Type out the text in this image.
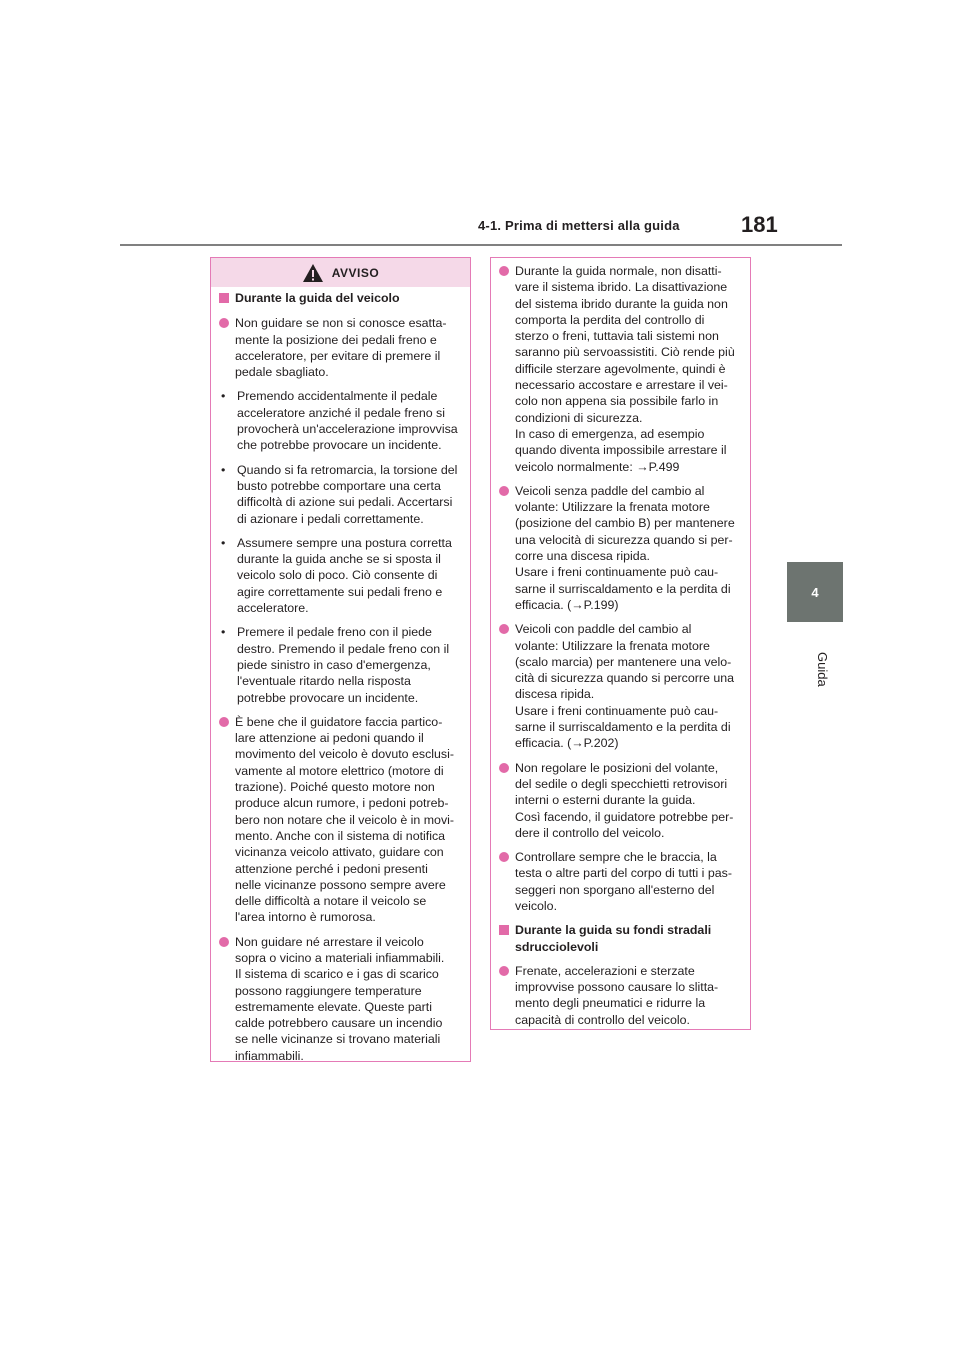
4-1. Prima di mettersi alla guida	181
4
Guida
AVVISO
Durante la guida del veicolo
Non guidare se non si conosce esatta-
mente la posizione dei pedali freno e
acceleratore, per evitare di premere il
pedale sbagliato.
• Premendo accidentalmente il pedale
acceleratore anziché il pedale freno si
provocherà un'accelerazione improvvisa
che potrebbe provocare un incidente.
• Quando si fa retromarcia, la torsione del
busto potrebbe comportare una certa
difficoltà di azione sui pedali. Accertarsi
di azionare i pedali correttamente.
• Assumere sempre una postura corretta
durante la guida anche se si sposta il
veicolo solo di poco. Ciò consente di
agire correttamente sui pedali freno e
acceleratore.
• Premere il pedale freno con il piede
destro. Premendo il pedale freno con il
piede sinistro in caso d'emergenza,
l'eventuale ritardo nella risposta
potrebbe provocare un incidente.
È bene che il guidatore faccia partico-
lare attenzione ai pedoni quando il
movimento del veicolo è dovuto esclusi-
vamente al motore elettrico (motore di
trazione). Poiché questo motore non
produce alcun rumore, i pedoni potreb-
bero non notare che il veicolo è in movi-
mento. Anche con il sistema di notifica
vicinanza veicolo attivato, guidare con
attenzione perché i pedoni presenti
nelle vicinanze possono sempre avere
delle difficoltà a notare il veicolo se
l'area intorno è rumorosa.
Non guidare né arrestare il veicolo
sopra o vicino a materiali infiammabili.
Il sistema di scarico e i gas di scarico
possono raggiungere temperature
estremamente elevate. Queste parti
calde potrebbero causare un incendio
se nelle vicinanze si trovano materiali
infiammabili.
Durante la guida normale, non disatti-
vare il sistema ibrido. La disattivazione
del sistema ibrido durante la guida non
comporta la perdita del controllo di
sterzo o freni, tuttavia tali sistemi non
saranno più servoassistiti. Ciò rende più
difficile sterzare agevolmente, quindi è
necessario accostare e arrestare il vei-
colo non appena sia possibile farlo in
condizioni di sicurezza.
In caso di emergenza, ad esempio
quando diventa impossibile arrestare il
veicolo normalmente: →P.499
Veicoli senza paddle del cambio al
volante: Utilizzare la frenata motore
(posizione del cambio B) per mantenere
una velocità di sicurezza quando si per-
corre una discesa ripida.
Usare i freni continuamente può cau-
sarne il surriscaldamento e la perdita di
efficacia. (→P.199)
Veicoli con paddle del cambio al
volante: Utilizzare la frenata motore
(scalo marcia) per mantenere una velo-
cità di sicurezza quando si percorre una
discesa ripida.
Usare i freni continuamente può cau-
sarne il surriscaldamento e la perdita di
efficacia. (→P.202)
Non regolare le posizioni del volante,
del sedile o degli specchietti retrovisori
interni o esterni durante la guida.
Così facendo, il guidatore potrebbe per-
dere il controllo del veicolo.
Controllare sempre che le braccia, la
testa o altre parti del corpo di tutti i pas-
seggeri non sporgano all'esterno del
veicolo.
Durante la guida su fondi stradali
sdrucciolevoli
Frenate, accelerazioni e sterzate
improvvise possono causare lo slitta-
mento degli pneumatici e ridurre la
capacità di controllo del veicolo.
